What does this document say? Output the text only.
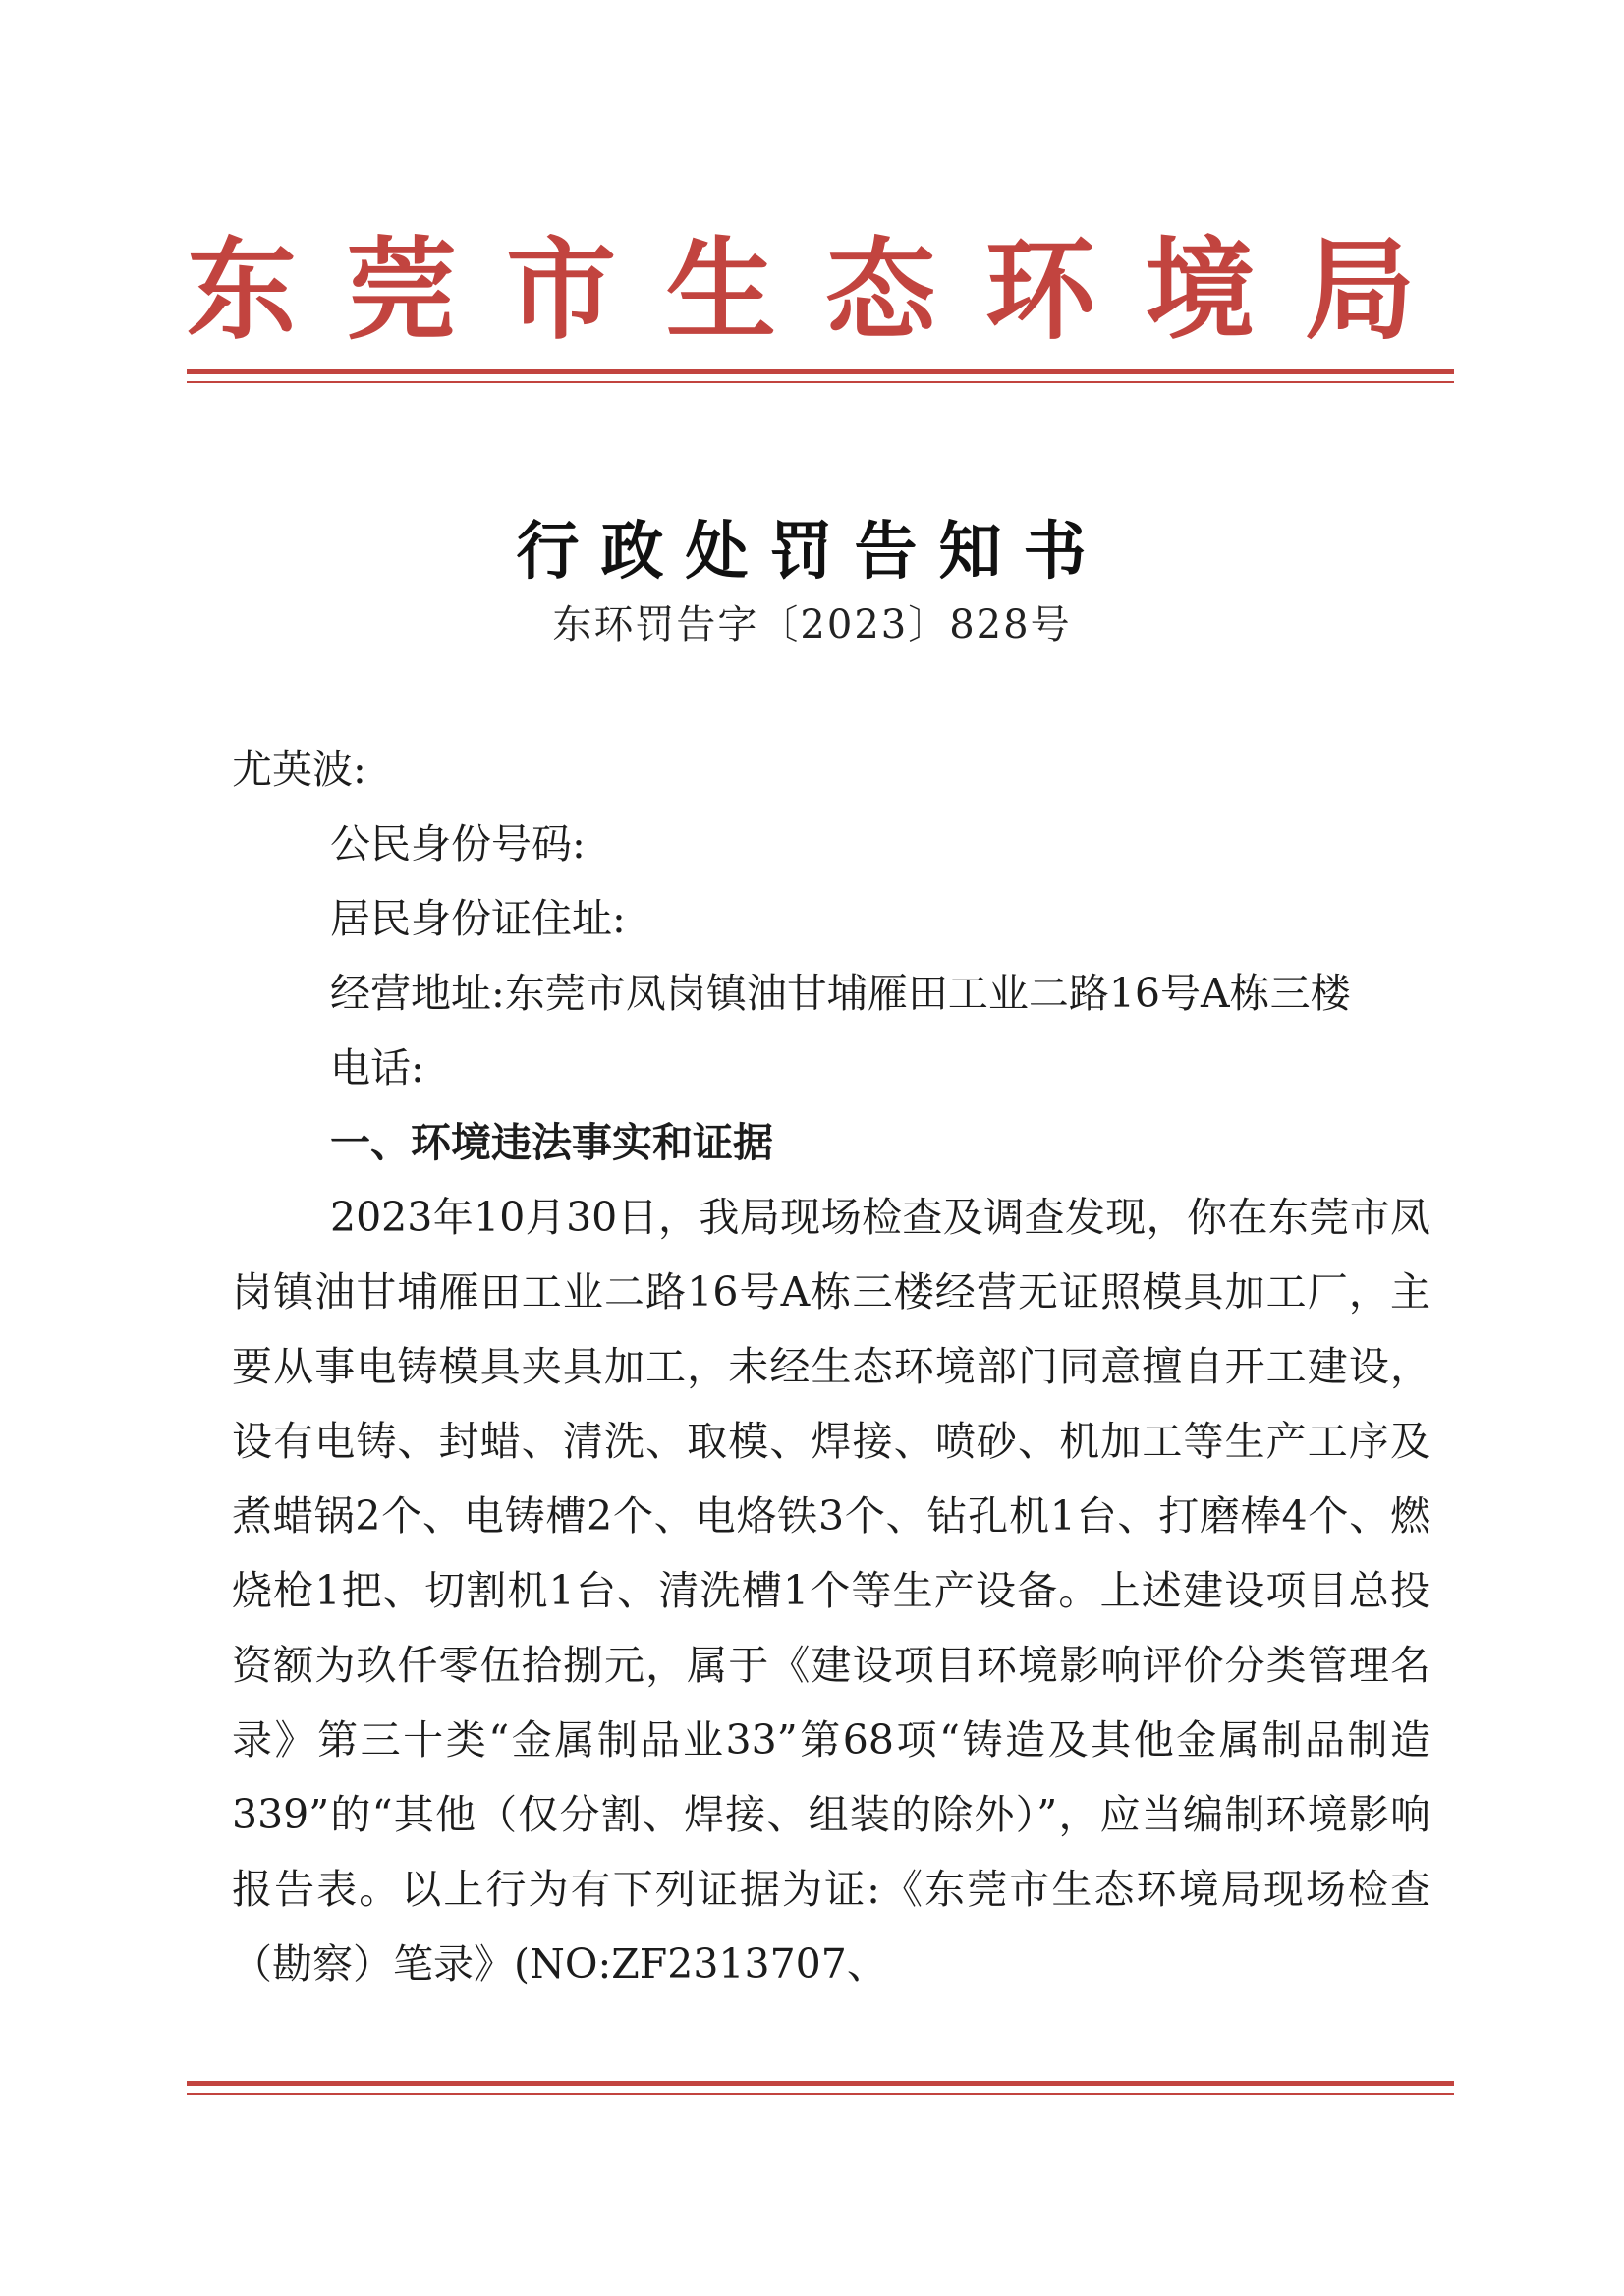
东 莞 市 生 态 环 境 局
行政处罚告知书
东环罚告字〔2023〕828号
尤英波:
公民身份号码:
居民身份证住址:
经营地址:东莞市凤岗镇油甘埔雁田工业二路16号A栋三楼
电话:
一、环境违法事实和证据
2023年10月30日，我局现场检查及调查发现，你在东莞市凤岗镇油甘埔雁田工业二路16号A栋三楼经营无证照模具加工厂，主要从事电铸模具夹具加工，未经生态环境部门同意擅自开工建设，设有电铸、封蜡、清洗、取模、焊接、喷砂、机加工等生产工序及煮蜡锅2个、电铸槽2个、电烙铁3个、钻孔机1台、打磨棒4个、燃烧枪1把、切割机1台、清洗槽1个等生产设备。上述建设项目总投资额为玖仟零伍拾捌元，属于《建设项目环境影响评价分类管理名录》第三十类“金属制品业33”第68项“铸造及其他金属制品制造339”的“其他（仅分割、焊接、组装的除外）”，应当编制环境影响报告表。以上行为有下列证据为证:《东莞市生态环境局现场检查（勘察）笔录》(NO:ZF2313707、
